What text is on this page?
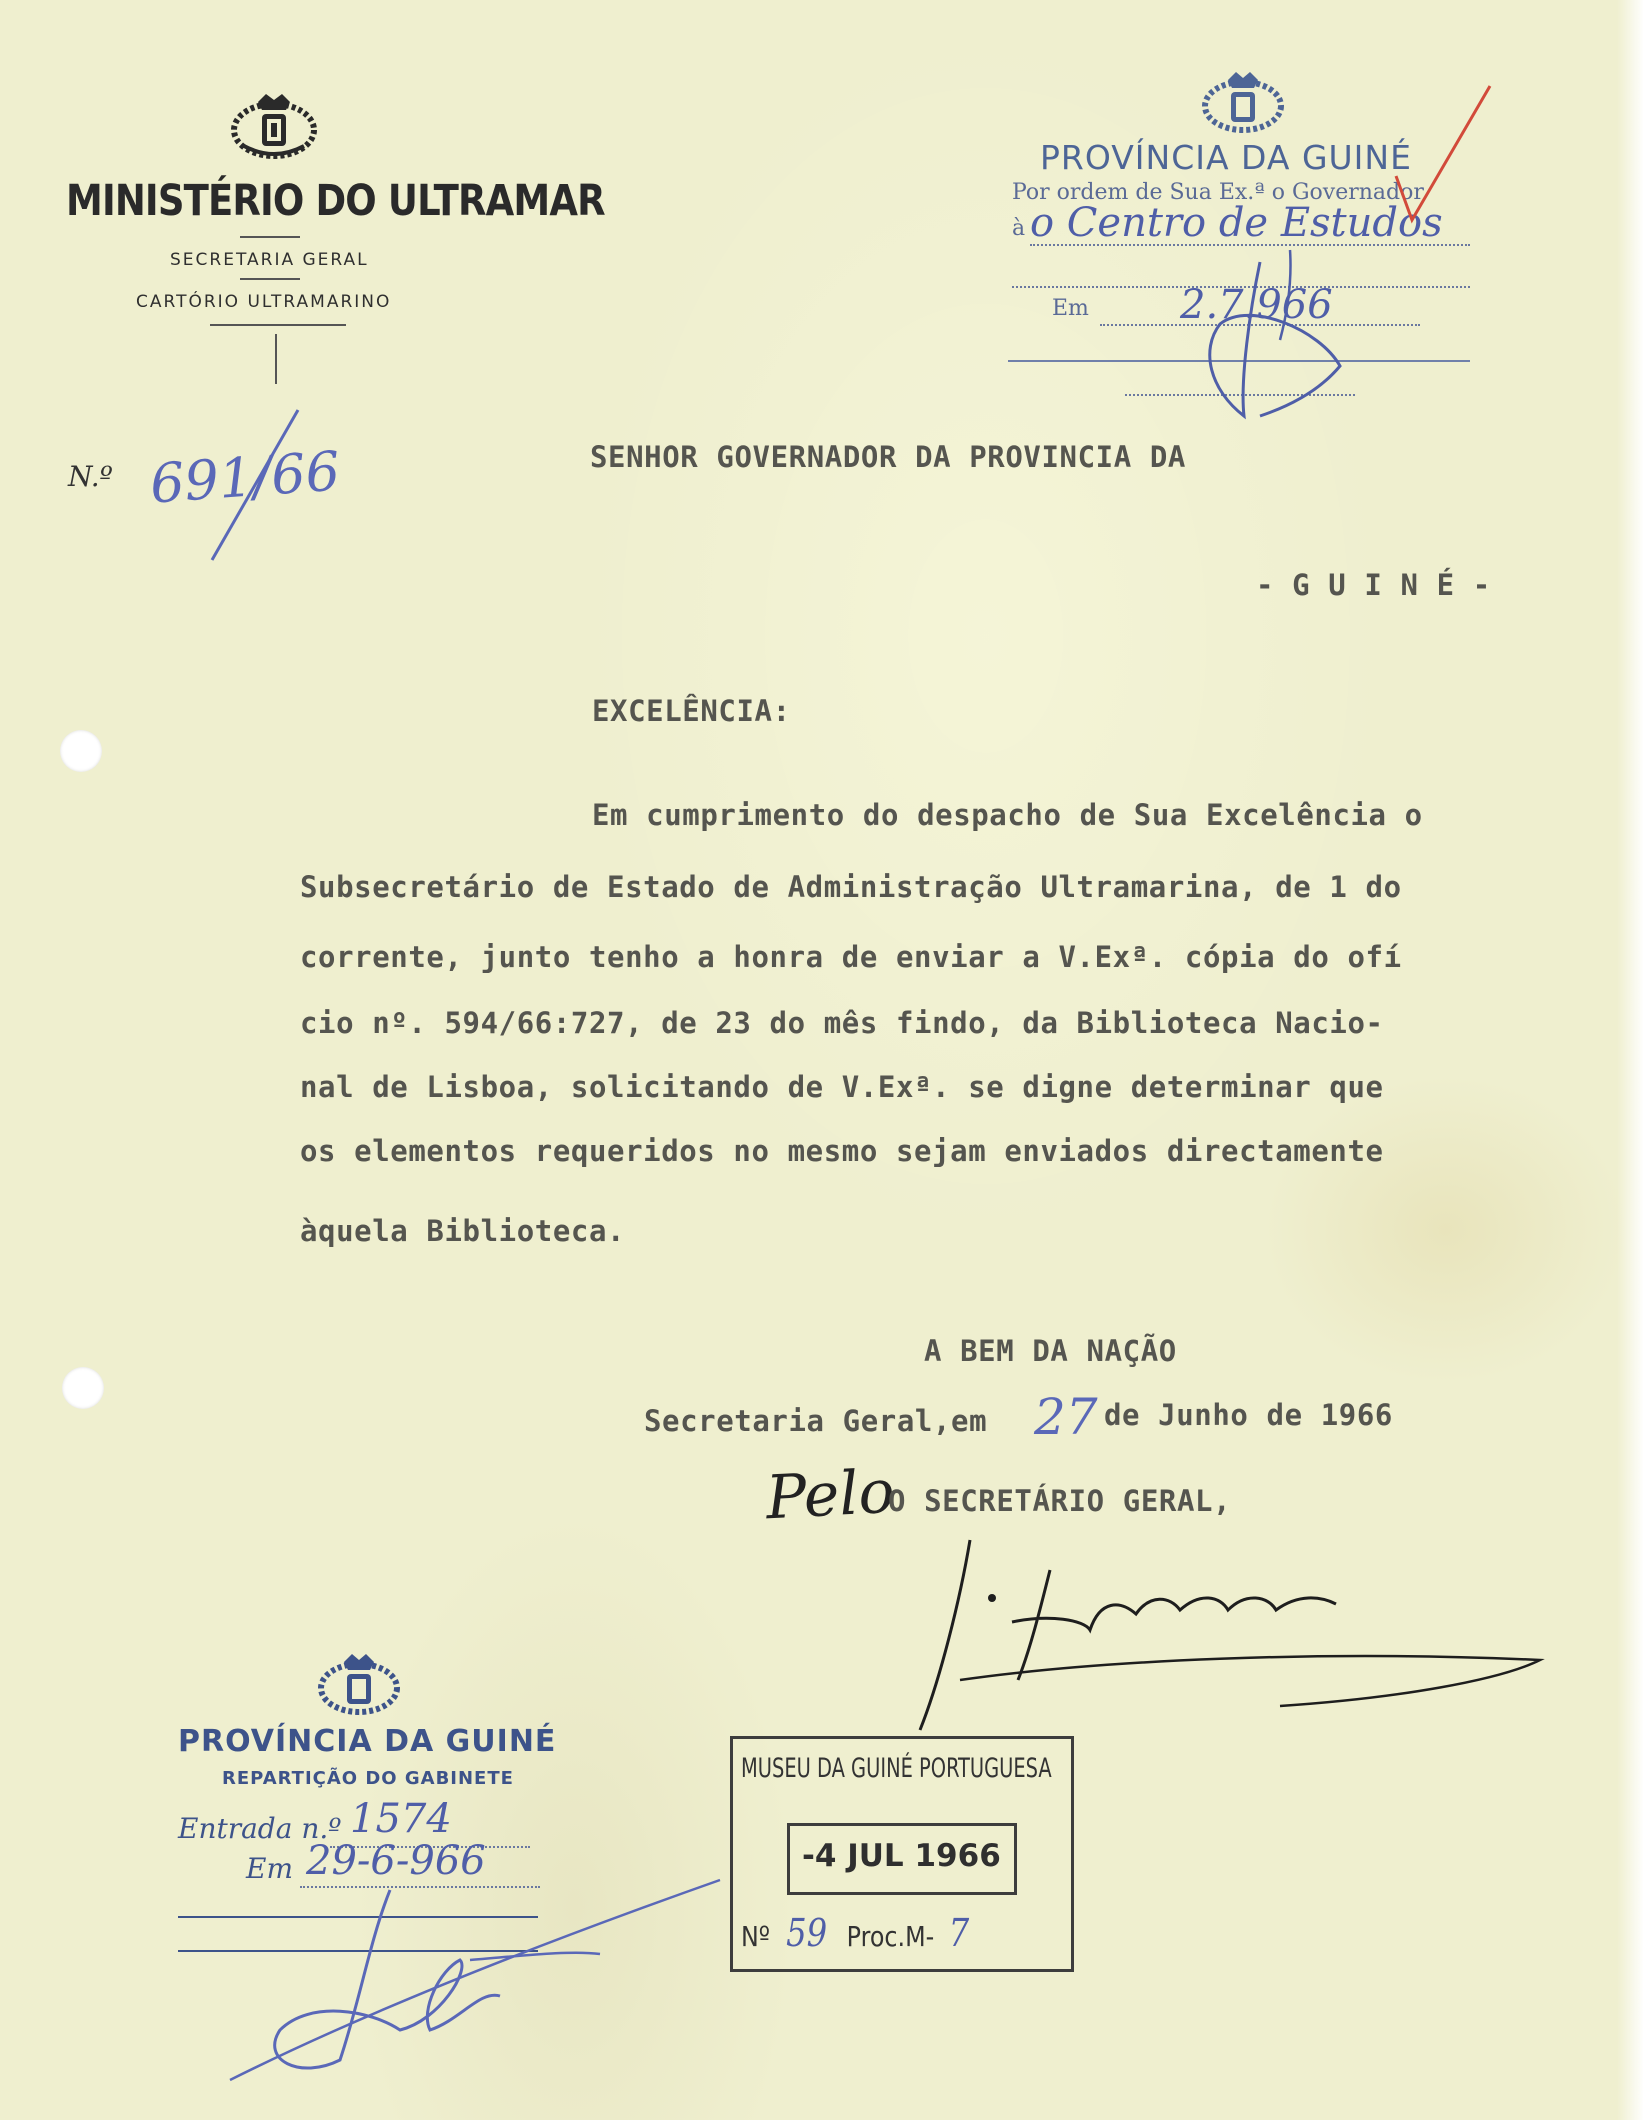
MINISTÉRIO DO ULTRAMAR
SECRETARIA GERAL
CARTÓRIO ULTRAMARINO
N.º 691/66
PROVÍNCIA DA GUINÉ
Por ordem de Sua Ex.ª o Governador
à o Centro de Estudos
Em 2.7.966
SENHOR GOVERNADOR DA PROVINCIA DA
- G U I N É -
EXCELÊNCIA:
Em cumprimento do despacho de Sua Excelência o
Subsecretário de Estado de Administração Ultramarina, de 1 do
corrente, junto tenho a honra de enviar a V.Exª. cópia do ofí
cio nº. 594/66:727, de 23 do mês findo, da Biblioteca Nacio-
nal de Lisboa, solicitando de V.Exª. se digne determinar que
os elementos requeridos no mesmo sejam enviados directamente
àquela Biblioteca.
A BEM DA NAÇÃO
Secretaria Geral,em 27 de Junho de 1966
Pelo
O SECRETÁRIO GERAL,
PROVÍNCIA DA GUINÉ
REPARTIÇÃO DO GABINETE
Entrada n.º 1574
Em 29-6-966
MUSEU DA GUINÉ PORTUGUESA
-4 JUL 1966
Nº 59 Proc.M- 7
